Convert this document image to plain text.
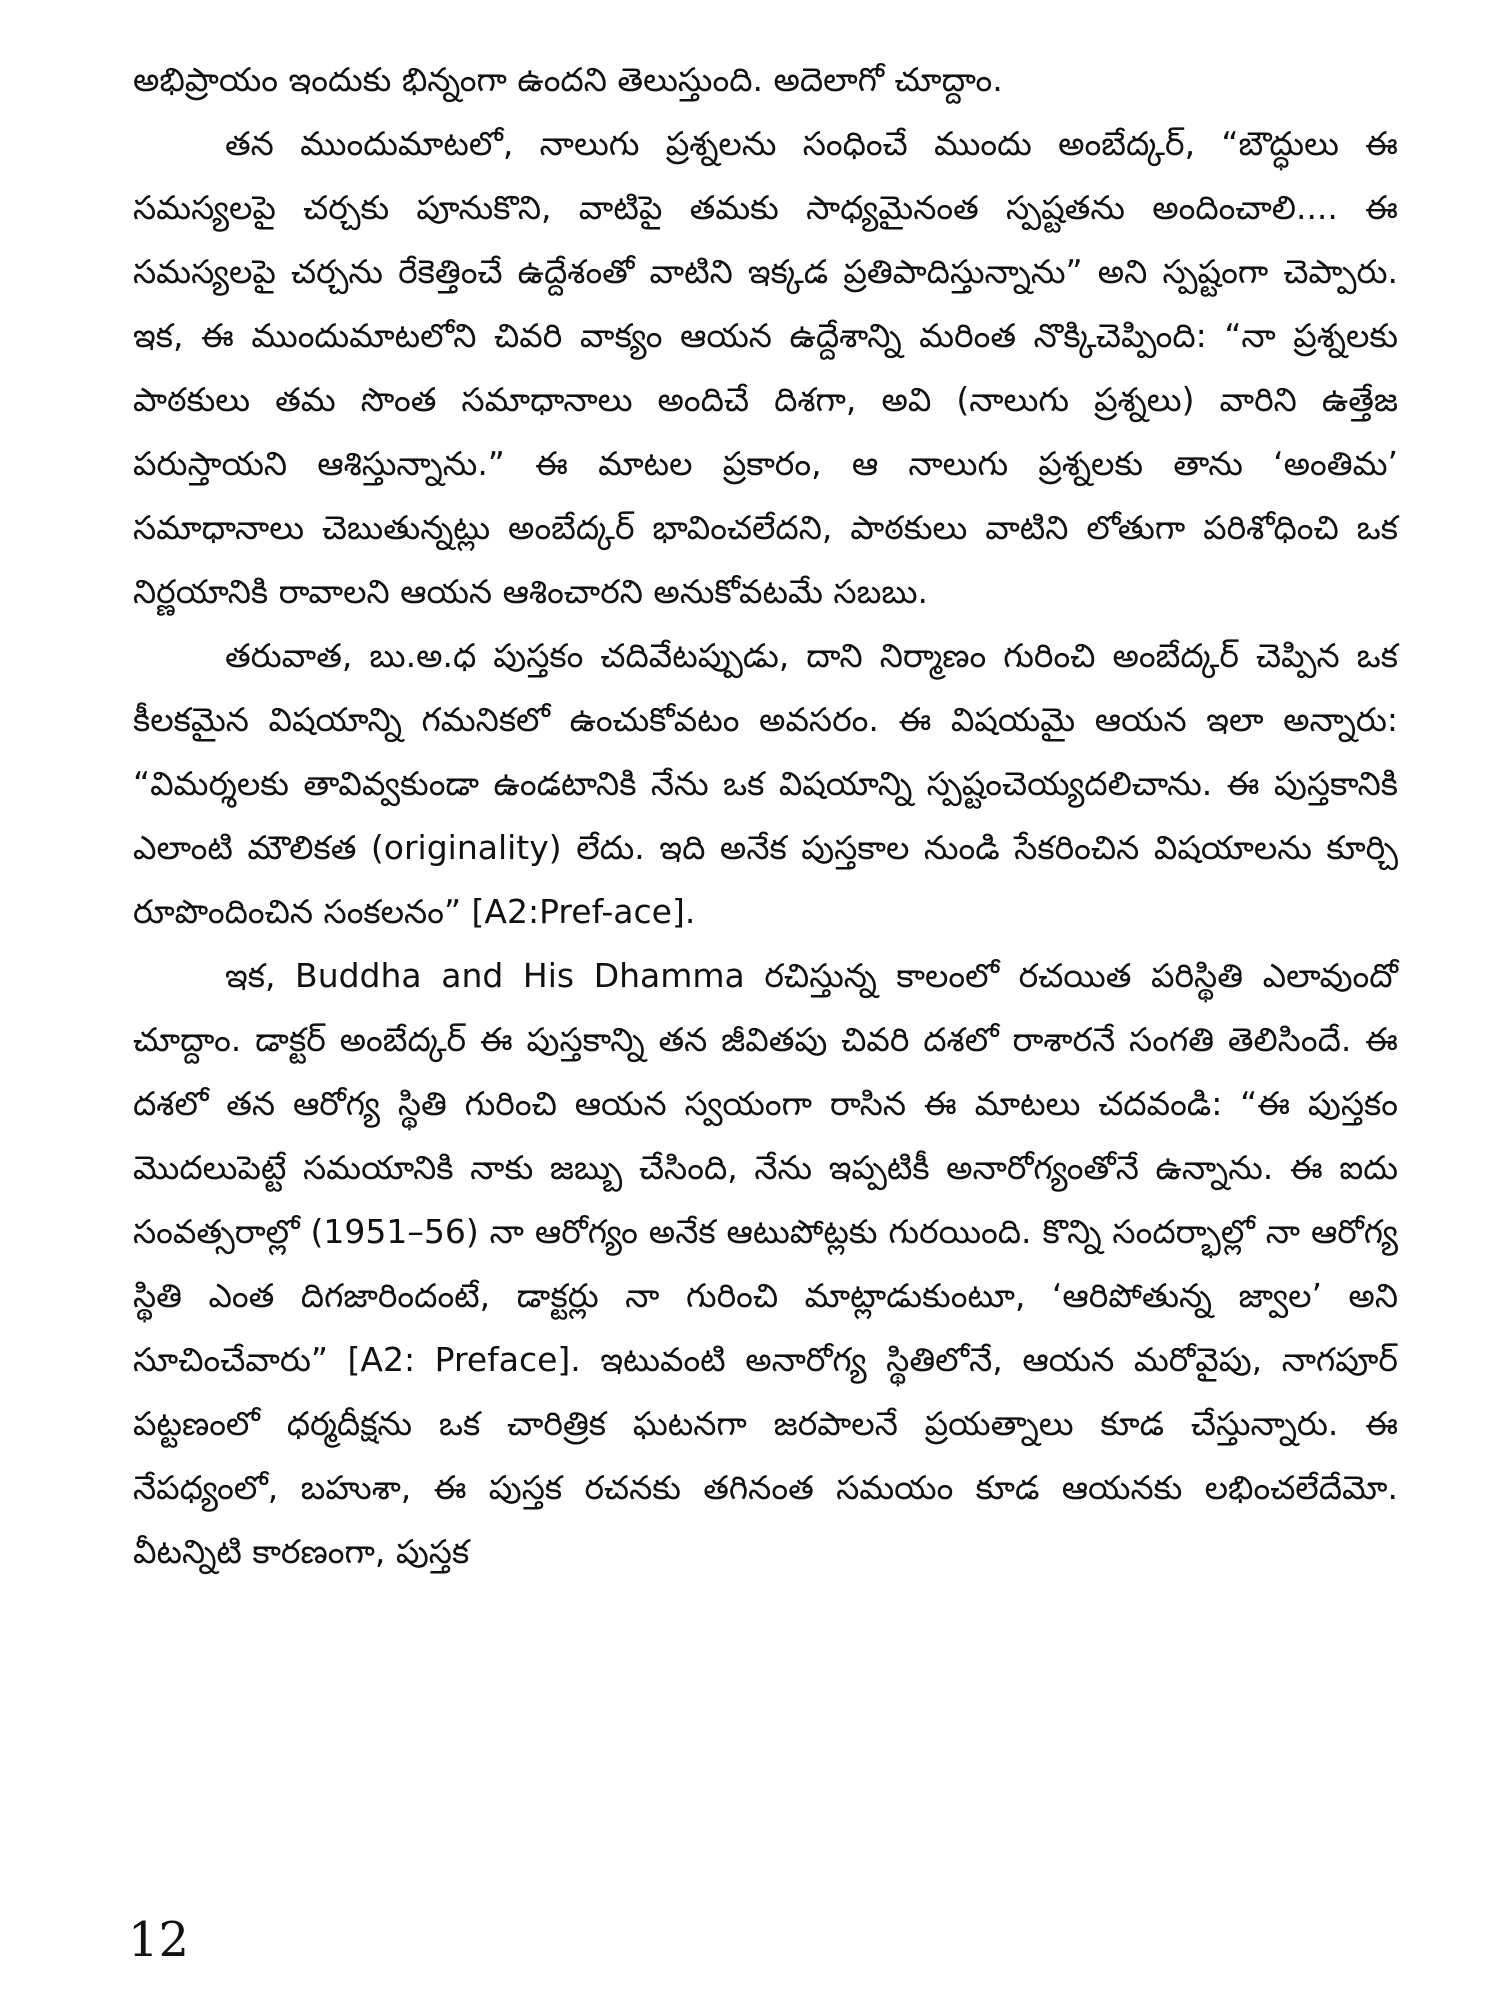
అభిప్రాయం ఇందుకు భిన్నంగా ఉందని తెలుస్తుంది. అదెలాగో చూద్దాం.

తన ముందుమాటలో, నాలుగు ప్రశ్నలను సంధించే ముందు అంబేద్కర్, “బౌద్ధులు ఈ సమస్యలపై చర్చకు పూనుకొని, వాటిపై తమకు సాధ్యమైనంత స్పష్టతను అందించాలి.... ఈ సమస్యలపై చర్చను రేకెత్తించే ఉద్దేశంతో వాటిని ఇక్కడ ప్రతిపాదిస్తున్నాను” అని స్పష్టంగా చెప్పారు. ఇక, ఈ ముందుమాటలోని చివరి వాక్యం ఆయన ఉద్దేశాన్ని మరింత నొక్కిచెప్పింది: “నా ప్రశ్నలకు పాఠకులు తమ సొంత సమాధానాలు అందిచే దిశగా, అవి (నాలుగు ప్రశ్నలు) వారిని ఉత్తేజ పరుస్తాయని ఆశిస్తున్నాను.” ఈ మాటల ప్రకారం, ఆ నాలుగు ప్రశ్నలకు తాను ‘అంతిమ’ సమాధానాలు చెబుతున్నట్లు అంబేద్కర్ భావించలేదని, పాఠకులు వాటిని లోతుగా పరిశోధించి ఒక నిర్ణయానికి రావాలని ఆయన ఆశించారని అనుకోవటమే సబబు.

తరువాత, బు.అ.ధ పుస్తకం చదివేటప్పుడు, దాని నిర్మాణం గురించి అంబేద్కర్ చెప్పిన ఒక కీలకమైన విషయాన్ని గమనికలో ఉంచుకోవటం అవసరం. ఈ విషయమై ఆయన ఇలా అన్నారు: “విమర్శలకు తావివ్వకుండా ఉండటానికి నేను ఒక విషయాన్ని స్పష్టంచెయ్యదలిచాను. ఈ పుస్తకానికి ఎలాంటి మౌలికత (originality) లేదు. ఇది అనేక పుస్తకాల నుండి సేకరించిన విషయాలను కూర్చి రూపొందించిన సంకలనం” [A2:Pref-ace].

ఇక, Buddha and His Dhamma రచిస్తున్న కాలంలో రచయిత పరిస్థితి ఎలావుందో చూద్దాం. డాక్టర్ అంబేద్కర్ ఈ పుస్తకాన్ని తన జీవితపు చివరి దశలో రాశారనే సంగతి తెలిసిందే. ఈ దశలో తన ఆరోగ్య స్థితి గురించి ఆయన స్వయంగా రాసిన ఈ మాటలు చదవండి: “ఈ పుస్తకం మొదలుపెట్టే సమయానికి నాకు జబ్బు చేసింది, నేను ఇప్పటికీ అనారోగ్యంతోనే ఉన్నాను. ఈ ఐదు సంవత్సరాల్లో (1951–56) నా ఆరోగ్యం అనేక ఆటుపోట్లకు గురయింది. కొన్ని సందర్భాల్లో నా ఆరోగ్య స్థితి ఎంత దిగజారిందంటే, డాక్టర్లు నా గురించి మాట్లాడుకుంటూ, ‘ఆరిపోతున్న జ్వాల’ అని సూచించేవారు” [A2: Preface]. ఇటువంటి అనారోగ్య స్థితిలోనే, ఆయన మరోవైపు, నాగపూర్ పట్టణంలో ధర్మదీక్షను ఒక చారిత్రిక ఘటనగా జరపాలనే ప్రయత్నాలు కూడ చేస్తున్నారు. ఈ నేపధ్యంలో, బహుశా, ఈ పుస్తక రచనకు తగినంత సమయం కూడ ఆయనకు లభించలేదేమో. వీటన్నిటి కారణంగా, పుస్తక

12
